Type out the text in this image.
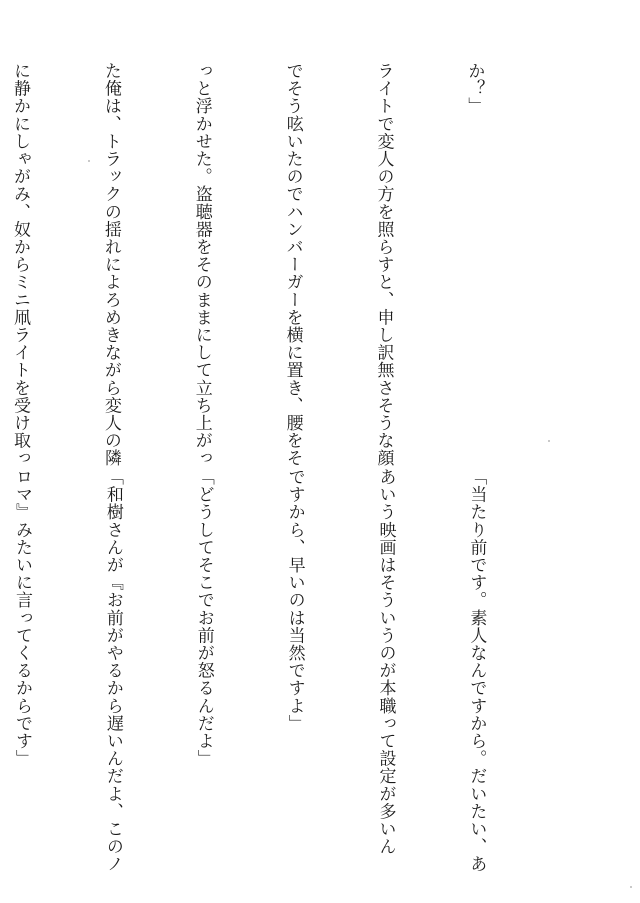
か？」

ライトで変人の方を照らすと、申し訳無さそうな顔

でそう呟いたのでハンバーガーを横に置き、腰をそ

っと浮かせた。盗聴器をそのままにして立ち上がっ

た俺は、トラックの揺れによろめきながら変人の隣

に静かにしゃがみ、奴からミニ凧ライトを受け取っ

「当たり前です。素人なんですから。だいたい、あ

あいう映画はそういうのが本職って設定が多いん

ですから、早いのは当然ですよ」

「どうしてそこでお前が怒るんだよ」

「和樹さんが『お前がやるから遅いんだよ、このノ

ロマ』みたいに言ってくるからです」
